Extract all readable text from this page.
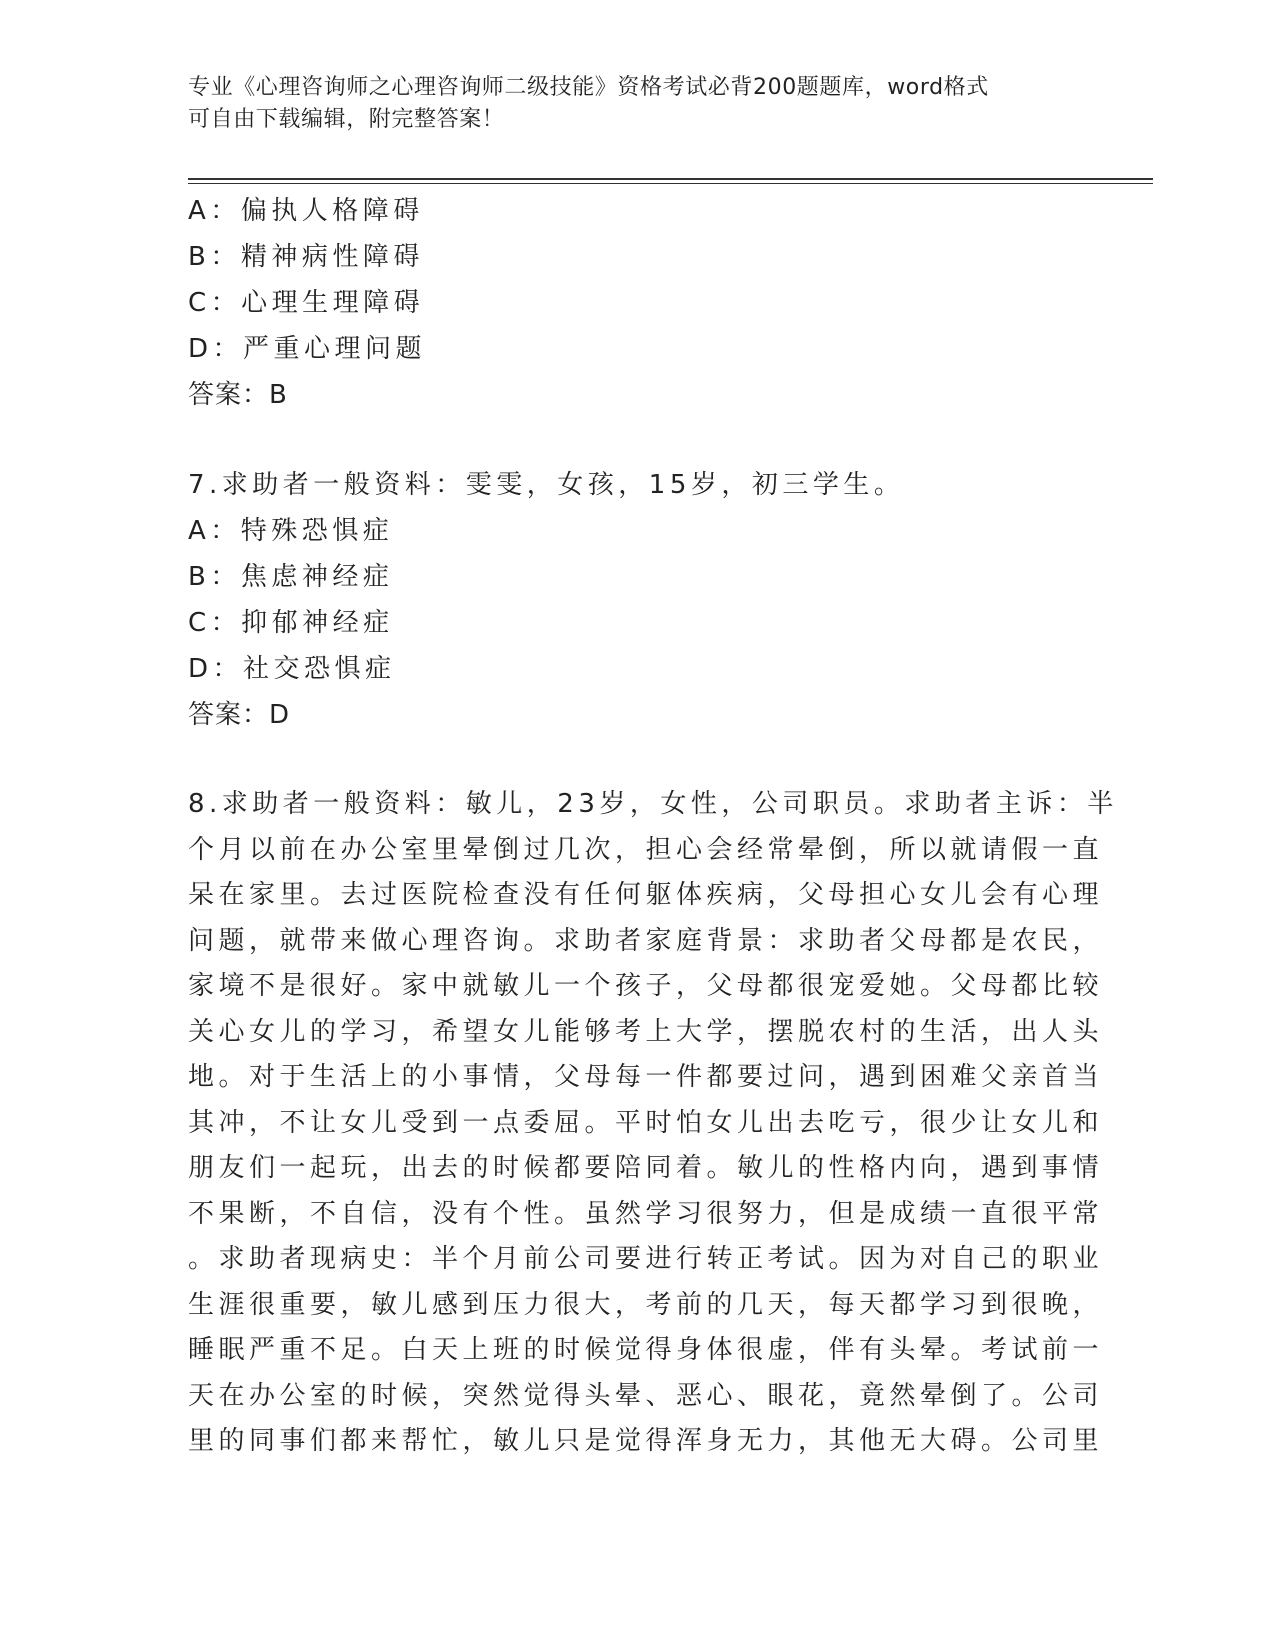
专业《心理咨询师之心理咨询师二级技能》资格考试必背200题题库，word格式
可自由下载编辑，附完整答案！
A：偏执人格障碍
B：精神病性障碍
C：心理生理障碍
D：严重心理问题
答案：B
7.求助者一般资料：雯雯，女孩，15岁，初三学生。
A：特殊恐惧症
B：焦虑神经症
C：抑郁神经症
D：社交恐惧症
答案：D
8.求助者一般资料：敏儿，23岁，女性，公司职员。求助者主诉：半
个月以前在办公室里晕倒过几次，担心会经常晕倒，所以就请假一直
呆在家里。去过医院检查没有任何躯体疾病，父母担心女儿会有心理
问题，就带来做心理咨询。求助者家庭背景：求助者父母都是农民，
家境不是很好。家中就敏儿一个孩子，父母都很宠爱她。父母都比较
关心女儿的学习，希望女儿能够考上大学，摆脱农村的生活，出人头
地。对于生活上的小事情，父母每一件都要过问，遇到困难父亲首当
其冲，不让女儿受到一点委屈。平时怕女儿出去吃亏，很少让女儿和
朋友们一起玩，出去的时候都要陪同着。敏儿的性格内向，遇到事情
不果断，不自信，没有个性。虽然学习很努力，但是成绩一直很平常
。求助者现病史：半个月前公司要进行转正考试。因为对自己的职业
生涯很重要，敏儿感到压力很大，考前的几天，每天都学习到很晚，
睡眠严重不足。白天上班的时候觉得身体很虚，伴有头晕。考试前一
天在办公室的时候，突然觉得头晕、恶心、眼花，竟然晕倒了。公司
里的同事们都来帮忙，敏儿只是觉得浑身无力，其他无大碍。公司里
